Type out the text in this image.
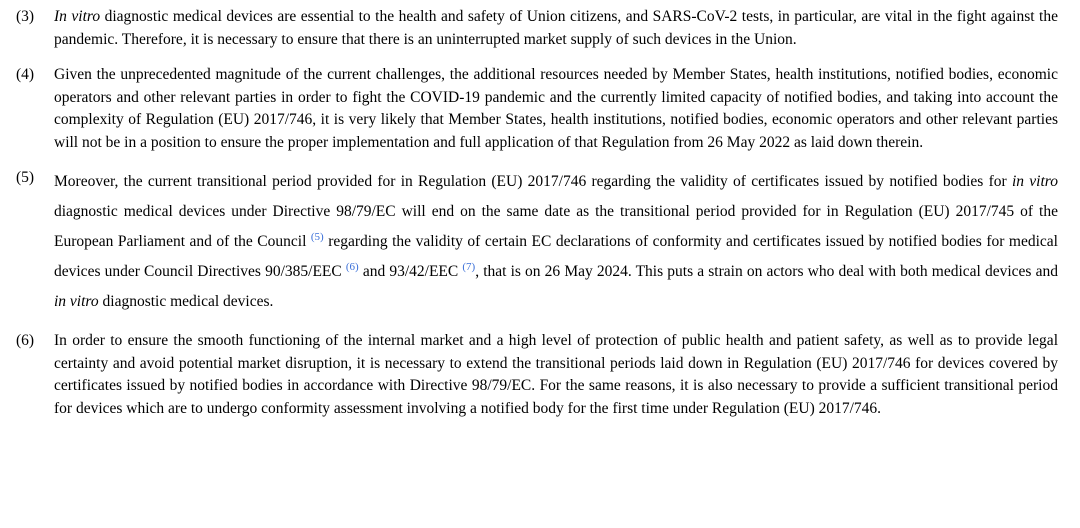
(3)	In vitro diagnostic medical devices are essential to the health and safety of Union citizens, and SARS-CoV-2 tests, in particular, are vital in the fight against the pandemic. Therefore, it is necessary to ensure that there is an uninterrupted market supply of such devices in the Union.
(4)	Given the unprecedented magnitude of the current challenges, the additional resources needed by Member States, health institutions, notified bodies, economic operators and other relevant parties in order to fight the COVID-19 pandemic and the currently limited capacity of notified bodies, and taking into account the complexity of Regulation (EU) 2017/746, it is very likely that Member States, health institutions, notified bodies, economic operators and other relevant parties will not be in a position to ensure the proper implementation and full application of that Regulation from 26 May 2022 as laid down therein.
(5)	Moreover, the current transitional period provided for in Regulation (EU) 2017/746 regarding the validity of certificates issued by notified bodies for in vitro diagnostic medical devices under Directive 98/79/EC will end on the same date as the transitional period provided for in Regulation (EU) 2017/745 of the European Parliament and of the Council $^{(5)}$ regarding the validity of certain EC declarations of conformity and certificates issued by notified bodies for medical devices under Council Directives 90/385/EEC $^{(6)}$ and 93/42/EEC $^{(7)}$, that is on 26 May 2024. This puts a strain on actors who deal with both medical devices and in vitro diagnostic medical devices.
(6)	In order to ensure the smooth functioning of the internal market and a high level of protection of public health and patient safety, as well as to provide legal certainty and avoid potential market disruption, it is necessary to extend the transitional periods laid down in Regulation (EU) 2017/746 for devices covered by certificates issued by notified bodies in accordance with Directive 98/79/EC. For the same reasons, it is also necessary to provide a sufficient transitional period for devices which are to undergo conformity assessment involving a notified body for the first time under Regulation (EU) 2017/746.
